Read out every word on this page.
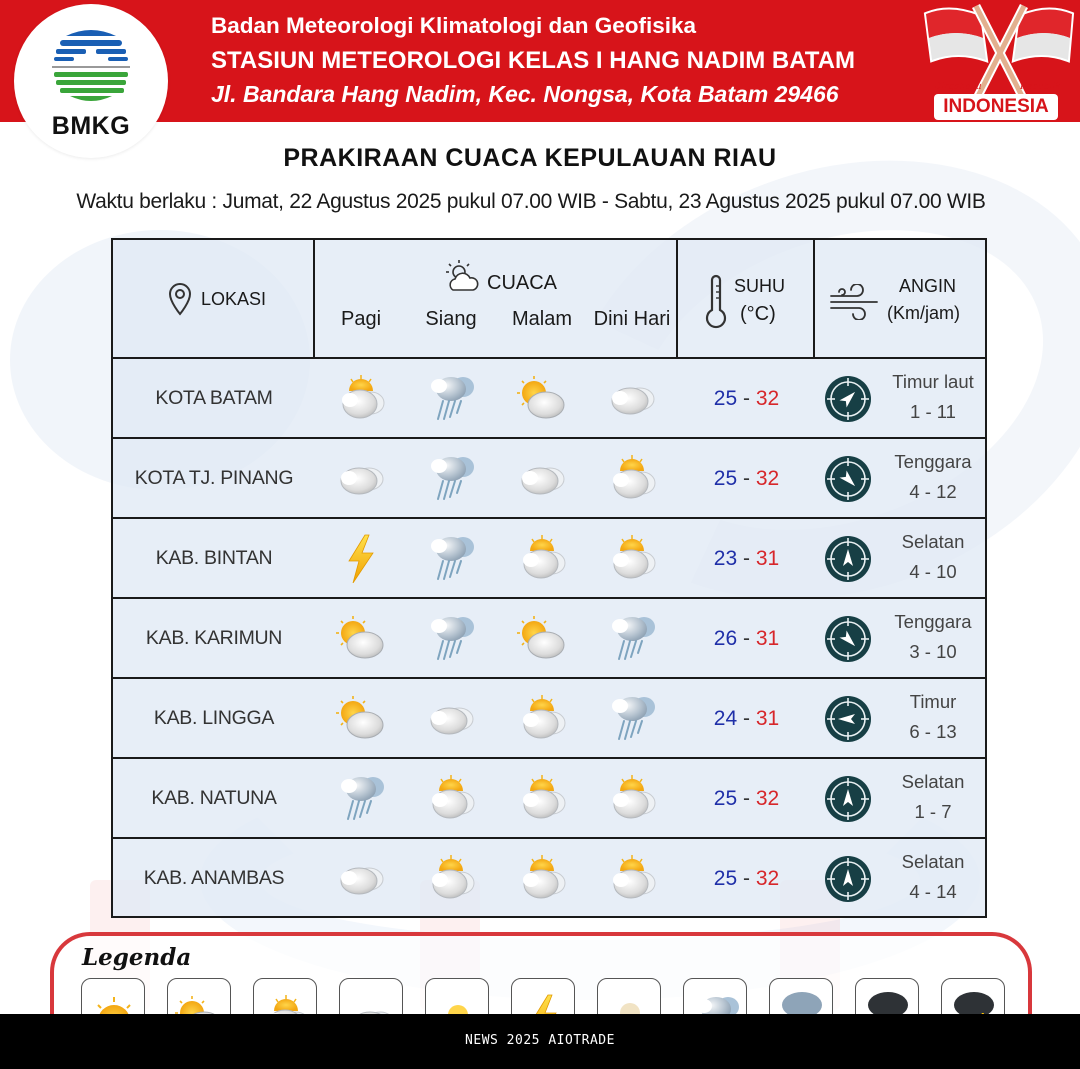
Badan Meteorologi Klimatologi dan Geofisika
STASIUN METEOROLOGI KELAS I HANG NADIM BATAM
Jl. Bandara Hang Nadim, Kec. Nongsa, Kota Batam 29466	Dirgahayu	Republik
INDONESIA
BMKG
PRAKIRAAN CUACA KEPULAUAN RIAU
Waktu berlaku : Jumat, 22 Agustus 2025 pukul 07.00 WIB - Sabtu, 23 Agustus 2025 pukul 07.00 WIB
LOKASI
CUACA
Pagi Siang Malam Dini Hari
SUHU
(°C)
ANGIN
(Km/jam)
KOTA BATAM	25 - 32
Timur laut
1 - 11
KOTA TJ. PINANG	25 - 32
Tenggara
4 - 12
KAB. BINTAN	23 - 31
Selatan
4 - 10
KAB. KARIMUN	26 - 31
Tenggara
3 - 10
KAB. LINGGA	24 - 31
Timur
6 - 13
KAB. NATUNA	25 - 32
Selatan
1 - 7
KAB. ANAMBAS	25 - 32
Selatan
4 - 14
Legenda
NEWS 2025 AIOTRADE
